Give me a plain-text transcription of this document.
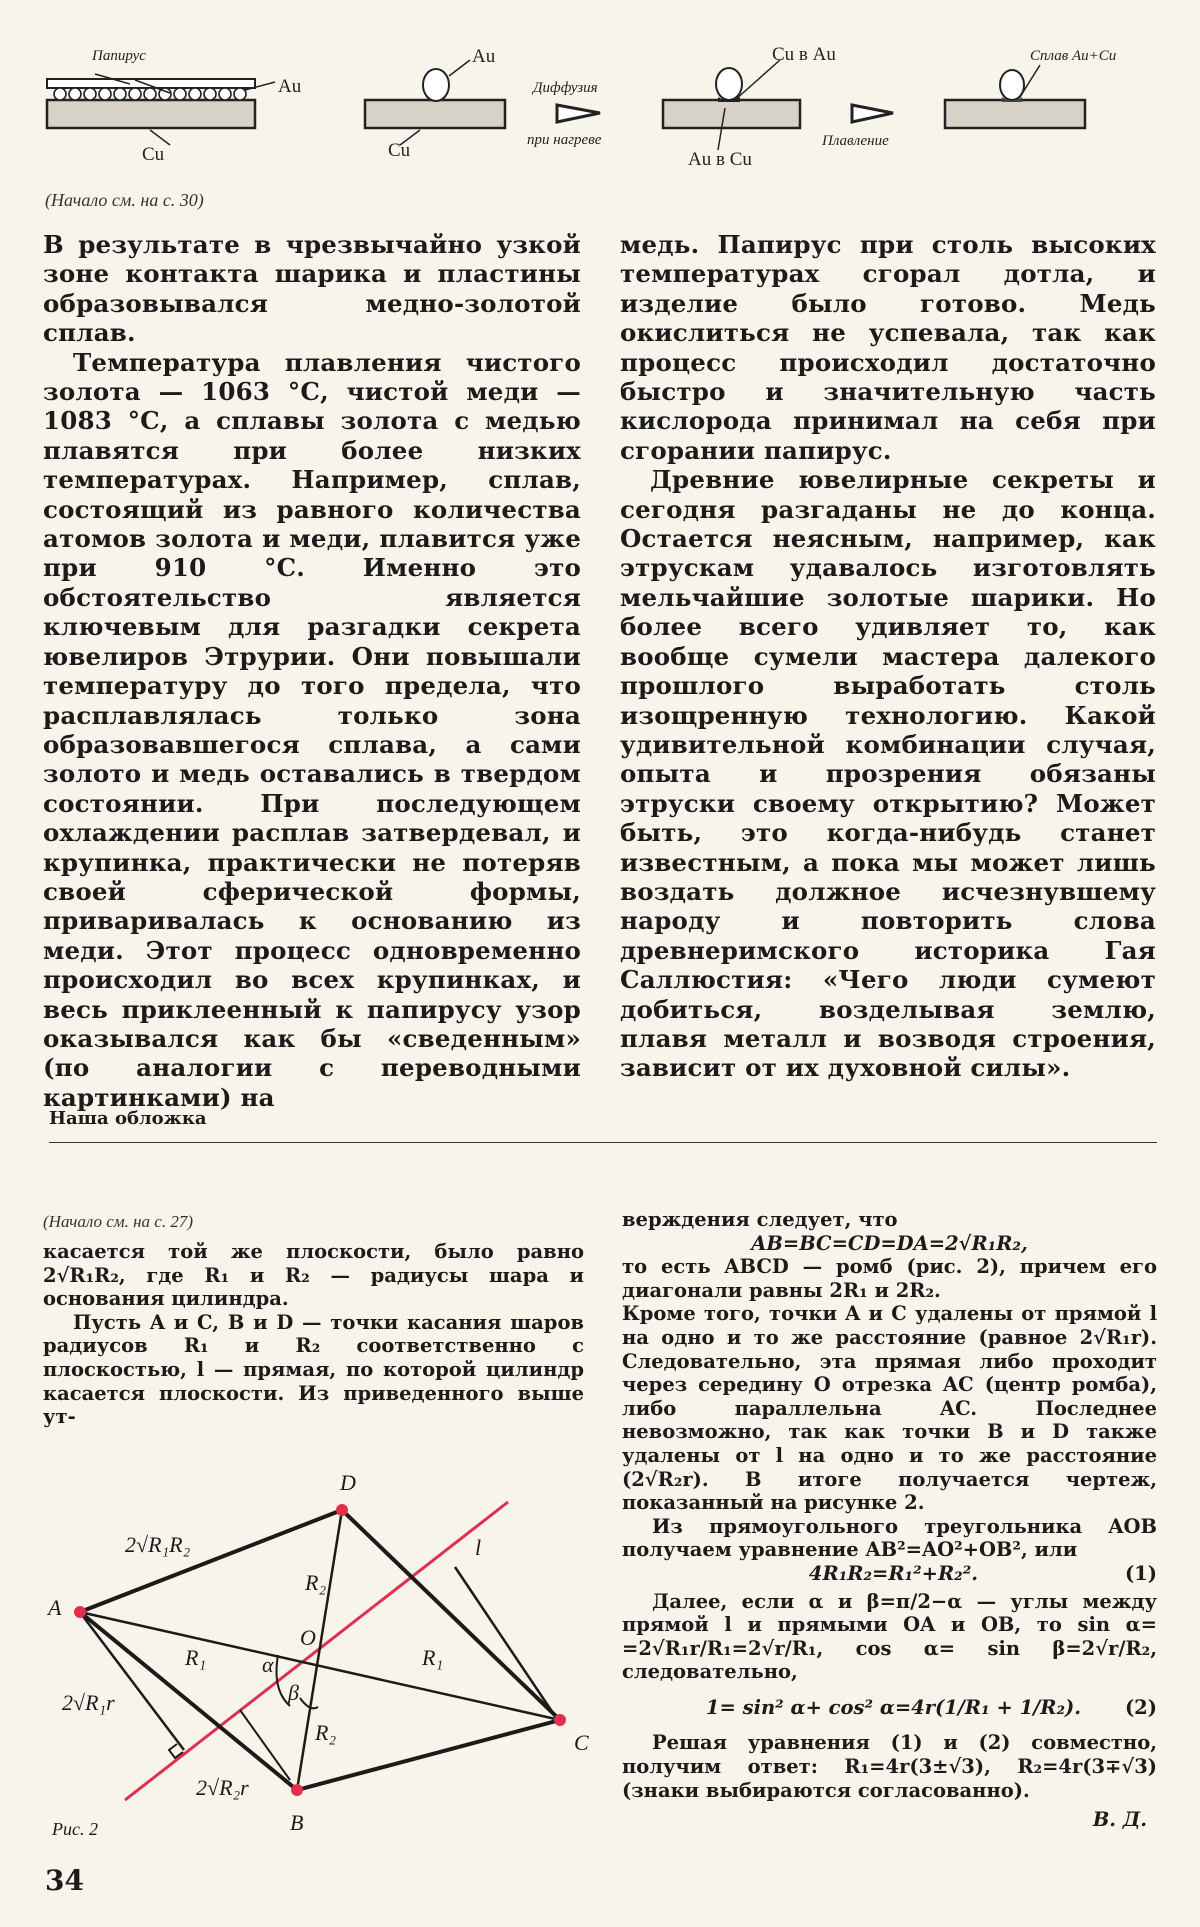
Папирус
Диффузия
при нагреве	Плавление
Сплав Au+Cu
Au
Cu
Au
Cu
Cu в Au
Au в Cu
(Начало см. на с. 30)

В результате в чрезвычайно узкой зоне контакта шарика и пластины образовывался медно-золотой сплав.

Температура плавления чистого золота — 1063 °С, чистой меди — 1083 °С, а сплавы золота с медью плавятся при более низких температурах. Например, сплав, состоящий из равного количества атомов золота и меди, плавится уже при 910 °С. Именно это обстоятельство является ключевым для разгадки секрета ювелиров Этрурии. Они повышали температуру до того предела, что расплавлялась только зона образовавшегося сплава, а сами золото и медь оставались в твердом состоянии. При последующем охлаждении расплав затвердевал, и крупинка, практически не потеряв своей сферической формы, приваривалась к основанию из меди. Этот процесс одновременно происходил во всех крупинках, и весь приклеенный к папирусу узор оказывался как бы «сведенным» (по аналогии с переводными картинками) на

медь. Папирус при столь высоких температурах сгорал дотла, и изделие было готово. Медь окислиться не успевала, так как процесс происходил достаточно быстро и значительную часть кислорода принимал на себя при сгорании папирус.

Древние ювелирные секреты и сегодня разгаданы не до конца. Остается неясным, например, как этрускам удавалось изготовлять мельчайшие золотые шарики. Но более всего удивляет то, как вообще сумели мастера далекого прошлого выработать столь изощренную технологию. Какой удивительной комбинации случая, опыта и прозрения обязаны этруски своему открытию? Может быть, это когда-нибудь станет известным, а пока мы может лишь воздать должное исчезнувшему народу и повторить слова древнеримского историка Гая Саллюстия: «Чего люди сумеют добиться, возделывая землю, плавя металл и возводя строения, зависит от их духовной силы».

Наша обложка
(Начало см. на с. 27)

касается той же плоскости, было равно 2√R₁R₂, где R₁ и R₂ — радиусы шара и основания цилиндра.

Пусть A и C, B и D — точки касания шаров радиусов R₁ и R₂ соответственно с плоскостью, l — прямая, по которой цилиндр касается плоскости. Из приведенного выше ут-

верждения следует, что

AB=BC=CD=DA=2√R₁R₂,

то есть ABCD — ромб (рис. 2), причем его диагонали равны 2R₁ и 2R₂.

Кроме того, точки A и C удалены от прямой l на одно и то же расстояние (равное 2√R₁r). Следовательно, эта прямая либо проходит через середину O отрезка AC (центр ромба), либо параллельна AC. Последнее невозможно, так как точки B и D также удалены от l на одно и то же расстояние (2√R₂r). В итоге получается чертеж, показанный на рисунке 2.

Из прямоугольного треугольника AOB получаем уравнение AB²=AO²+OB², или

4R₁R₂=R₁²+R₂².	(1)

Далее, если α и β=π/2−α — углы между прямой l и прямыми OA и OB, то sin α= =2√R₁r/R₁=2√r/R₁, cos α= sin β=2√r/R₂, следовательно,

1= sin² α+ cos² α=4r(1/R₁ + 1/R₂). (2)

Решая уравнения (1) и (2) совместно, получим ответ: R₁=4r(3±√3), R₂=4r(3∓√3) (знаки выбираются согласованно).

В. Д.

A
D
C
B
O
l
2√R₁R₂
R₁	R₁
R₂
R₂
α
β
2√R₁r
2√R₂r
Рис. 2
34
